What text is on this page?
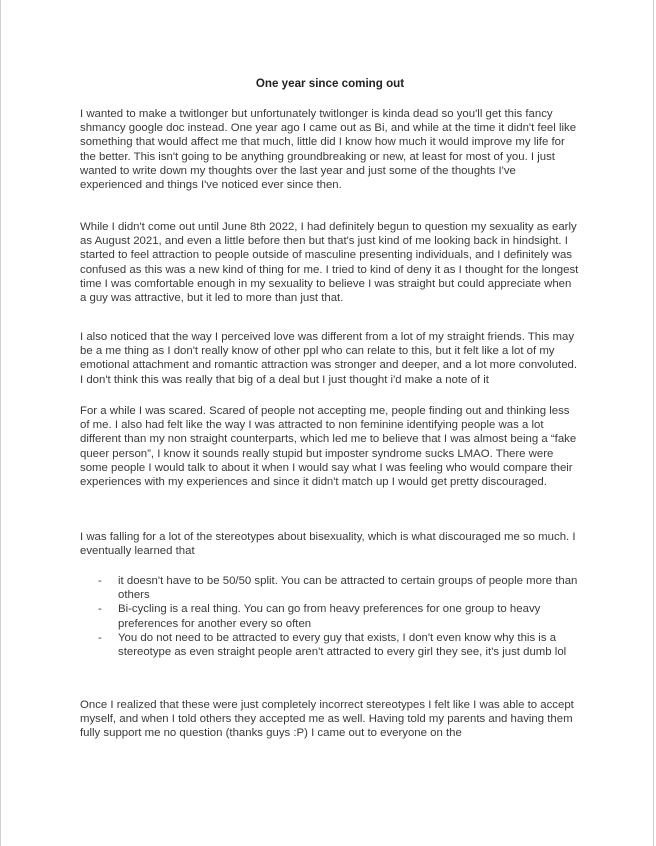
One year since coming out

I wanted to make a twitlonger but unfortunately twitlonger is kinda dead so you'll get this fancy shmancy google doc instead. One year ago I came out as Bi, and while at the time it didn't feel like something that would affect me that much, little did I know how much it would improve my life for the better. This isn't going to be anything groundbreaking or new, at least for most of you. I just wanted to write down my thoughts over the last year and just some of the thoughts I've experienced and things I've noticed ever since then.

While I didn't come out until June 8th 2022, I had definitely begun to question my sexuality as early as August 2021, and even a little before then but that's just kind of me looking back in hindsight. I started to feel attraction to people outside of masculine presenting individuals, and I definitely was confused as this was a new kind of thing for me. I tried to kind of deny it as I thought for the longest time I was comfortable enough in my sexuality to believe I was straight but could appreciate when a guy was attractive, but it led to more than just that.

I also noticed that the way I perceived love was different from a lot of my straight friends. This may be a me thing as I don't really know of other ppl who can relate to this, but it felt like a lot of my emotional attachment and romantic attraction was stronger and deeper, and a lot more convoluted. I don't think this was really that big of a deal but I just thought i'd make a note of it

For a while I was scared. Scared of people not accepting me, people finding out and thinking less of me. I also had felt like the way I was attracted to non feminine identifying people was a lot different than my non straight counterparts, which led me to believe that I was almost being a “fake queer person”, I know it sounds really stupid but imposter syndrome sucks LMAO. There were some people I would talk to about it when I would say what I was feeling who would compare their experiences with my experiences and since it didn't match up I would get pretty discouraged.

I was falling for a lot of the stereotypes about bisexuality, which is what discouraged me so much. I eventually learned that

- it doesn't have to be 50/50 split. You can be attracted to certain groups of people more than others
- Bi-cycling is a real thing. You can go from heavy preferences for one group to heavy preferences for another every so often
- You do not need to be attracted to every guy that exists, I don't even know why this is a stereotype as even straight people aren't attracted to every girl they see, it's just dumb lol

Once I realized that these were just completely incorrect stereotypes I felt like I was able to accept myself, and when I told others they accepted me as well. Having told my parents and having them fully support me no question (thanks guys :P) I came out to everyone on the
